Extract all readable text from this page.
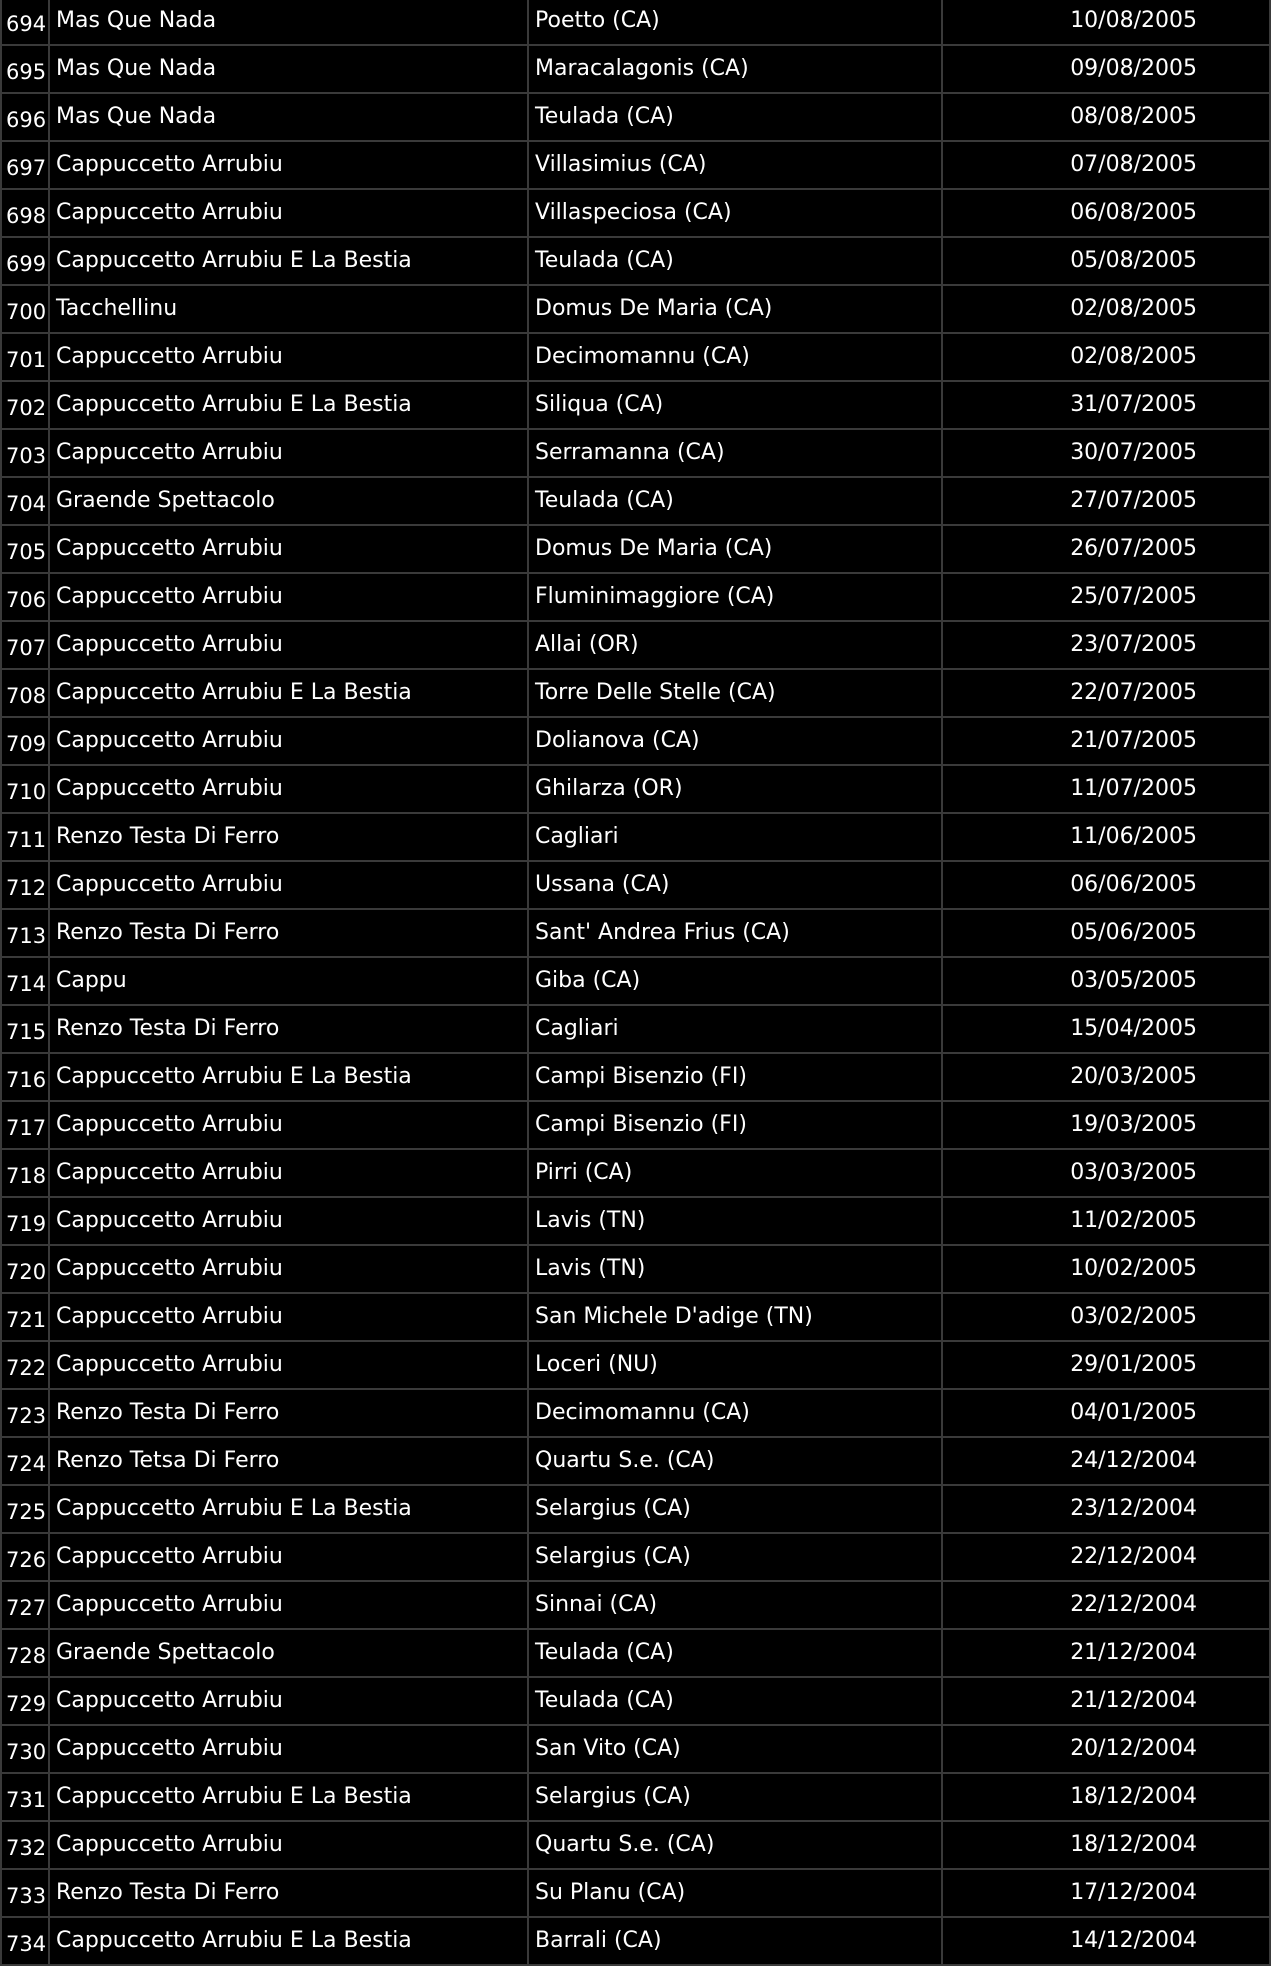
694	Mas Que Nada	Poetto (CA)	10/08/2005	
695	Mas Que Nada	Maracalagonis (CA)	09/08/2005	
696	Mas Que Nada	Teulada (CA)	08/08/2005	
697	Cappuccetto Arrubiu	Villasimius (CA)	07/08/2005	
698	Cappuccetto Arrubiu	Villaspeciosa (CA)	06/08/2005	
699	Cappuccetto Arrubiu E La Bestia	Teulada (CA)	05/08/2005	
700	Tacchellinu	Domus De Maria (CA)	02/08/2005	
701	Cappuccetto Arrubiu	Decimomannu (CA)	02/08/2005	
702	Cappuccetto Arrubiu E La Bestia	Siliqua (CA)	31/07/2005	
703	Cappuccetto Arrubiu	Serramanna (CA)	30/07/2005	
704	Graende Spettacolo	Teulada (CA)	27/07/2005	
705	Cappuccetto Arrubiu	Domus De Maria (CA)	26/07/2005	
706	Cappuccetto Arrubiu	Fluminimaggiore (CA)	25/07/2005	
707	Cappuccetto Arrubiu	Allai (OR)	23/07/2005	
708	Cappuccetto Arrubiu E La Bestia	Torre Delle Stelle (CA)	22/07/2005	
709	Cappuccetto Arrubiu	Dolianova (CA)	21/07/2005	
710	Cappuccetto Arrubiu	Ghilarza (OR)	11/07/2005	
711	Renzo Testa Di Ferro	Cagliari	11/06/2005	
712	Cappuccetto Arrubiu	Ussana (CA)	06/06/2005	
713	Renzo Testa Di Ferro	Sant' Andrea Frius (CA)	05/06/2005	
714	Cappu	Giba (CA)	03/05/2005	
715	Renzo Testa Di Ferro	Cagliari	15/04/2005	
716	Cappuccetto Arrubiu E La Bestia	Campi Bisenzio (FI)	20/03/2005	
717	Cappuccetto Arrubiu	Campi Bisenzio (FI)	19/03/2005	
718	Cappuccetto Arrubiu	Pirri (CA)	03/03/2005	
719	Cappuccetto Arrubiu	Lavis (TN)	11/02/2005	
720	Cappuccetto Arrubiu	Lavis (TN)	10/02/2005	
721	Cappuccetto Arrubiu	San Michele D'adige (TN)	03/02/2005	
722	Cappuccetto Arrubiu	Loceri (NU)	29/01/2005	
723	Renzo Testa Di Ferro	Decimomannu (CA)	04/01/2005	
724	Renzo Tetsa Di Ferro	Quartu S.e. (CA)	24/12/2004	
725	Cappuccetto Arrubiu E La Bestia	Selargius (CA)	23/12/2004	
726	Cappuccetto Arrubiu	Selargius (CA)	22/12/2004	
727	Cappuccetto Arrubiu	Sinnai (CA)	22/12/2004	
728	Graende Spettacolo	Teulada (CA)	21/12/2004	
729	Cappuccetto Arrubiu	Teulada (CA)	21/12/2004	
730	Cappuccetto Arrubiu	San Vito (CA)	20/12/2004	
731	Cappuccetto Arrubiu E La Bestia	Selargius (CA)	18/12/2004	
732	Cappuccetto Arrubiu	Quartu S.e. (CA)	18/12/2004	
733	Renzo Testa Di Ferro	Su Planu (CA)	17/12/2004	
734	Cappuccetto Arrubiu E La Bestia	Barrali (CA)	14/12/2004	
